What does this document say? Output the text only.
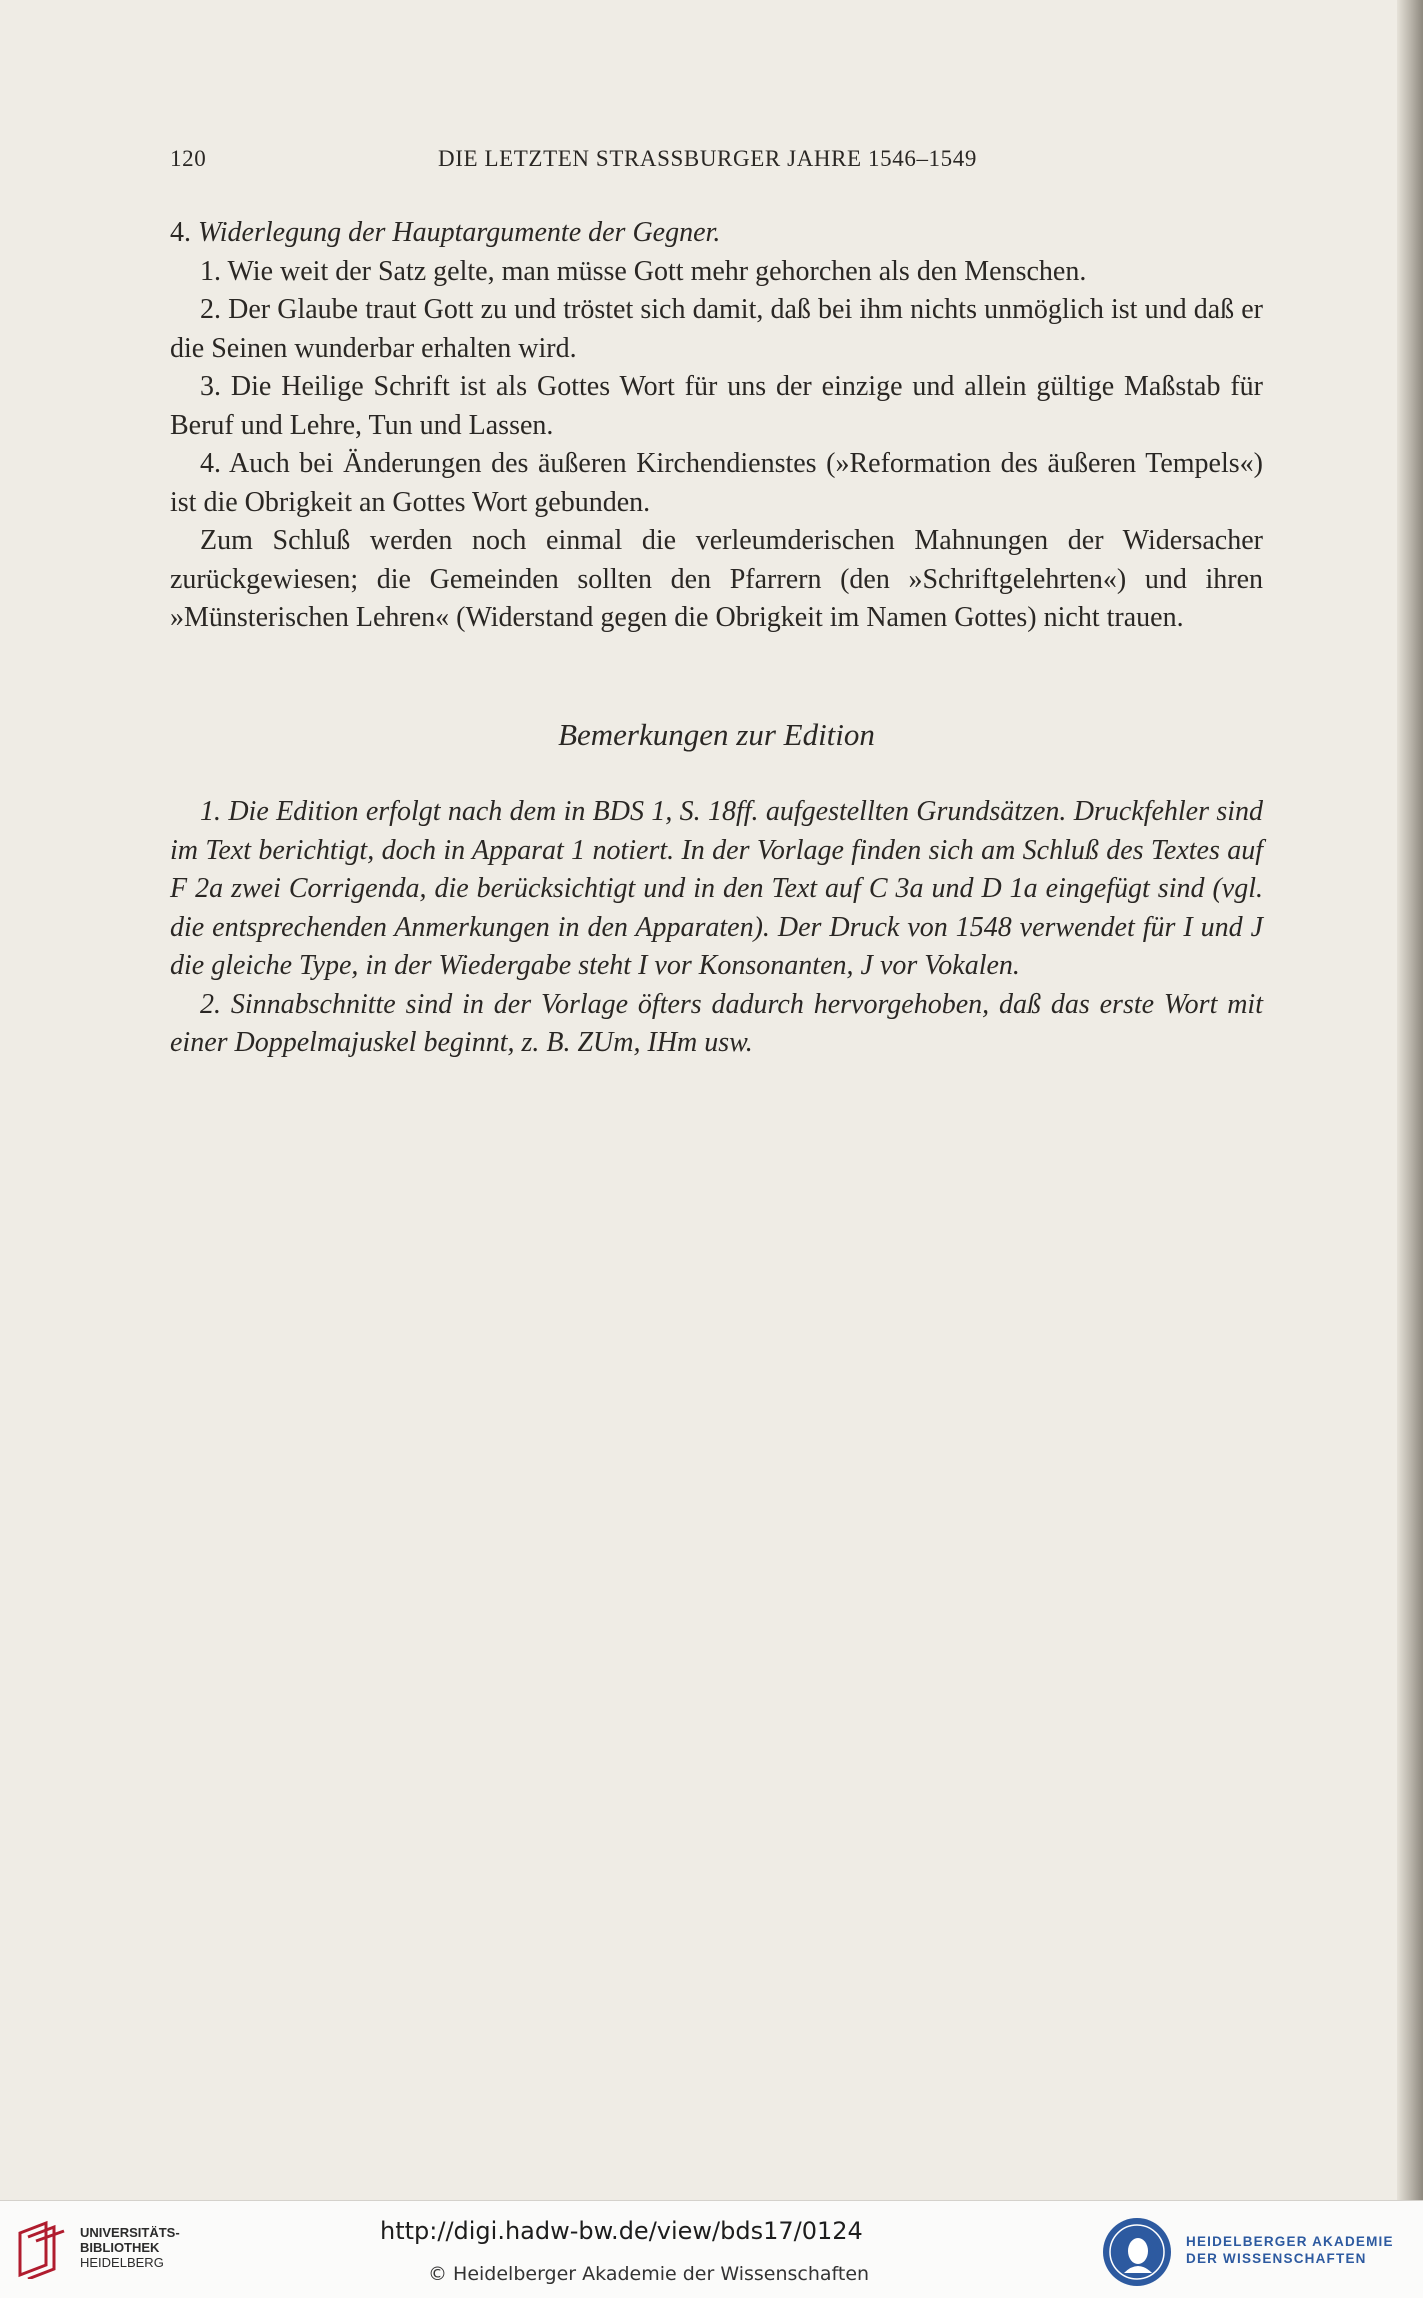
120	DIE LETZTEN STRASSBURGER JAHRE 1546–1549

4. Widerlegung der Hauptargumente der Gegner.

1. Wie weit der Satz gelte, man müsse Gott mehr gehorchen als den Menschen.

2. Der Glaube traut Gott zu und tröstet sich damit, daß bei ihm nichts unmöglich ist und daß er die Seinen wunderbar erhalten wird.

3. Die Heilige Schrift ist als Gottes Wort für uns der einzige und allein gültige Maßstab für Beruf und Lehre, Tun und Lassen.

4. Auch bei Änderungen des äußeren Kirchendienstes (»Reformation des äußeren Tempels«) ist die Obrigkeit an Gottes Wort gebunden.

Zum Schluß werden noch einmal die verleumderischen Mahnungen der Widersacher zurückgewiesen; die Gemeinden sollten den Pfarrern (den »Schriftgelehrten«) und ihren »Münsterischen Lehren« (Widerstand gegen die Obrigkeit im Namen Gottes) nicht trauen.

Bemerkungen zur Edition

1. Die Edition erfolgt nach dem in BDS 1, S. 18ff. aufgestellten Grundsätzen. Druckfehler sind im Text berichtigt, doch in Apparat 1 notiert. In der Vorlage finden sich am Schluß des Textes auf F 2a zwei Corrigenda, die berücksichtigt und in den Text auf C 3a und D 1a eingefügt sind (vgl. die entsprechenden Anmerkungen in den Apparaten). Der Druck von 1548 verwendet für I und J die gleiche Type, in der Wiedergabe steht I vor Konsonanten, J vor Vokalen.

2. Sinnabschnitte sind in der Vorlage öfters dadurch hervorgehoben, daß das erste Wort mit einer Doppelmajuskel beginnt, z. B. ZUm, IHm usw.

UNIVERSITÄTS-
BIBLIOTHEK
HEIDELBERG
http://digi.hadw-bw.de/view/bds17/0124
© Heidelberger Akademie der Wissenschaften
HEIDELBERGER AKADEMIE
DER WISSENSCHAFTEN
